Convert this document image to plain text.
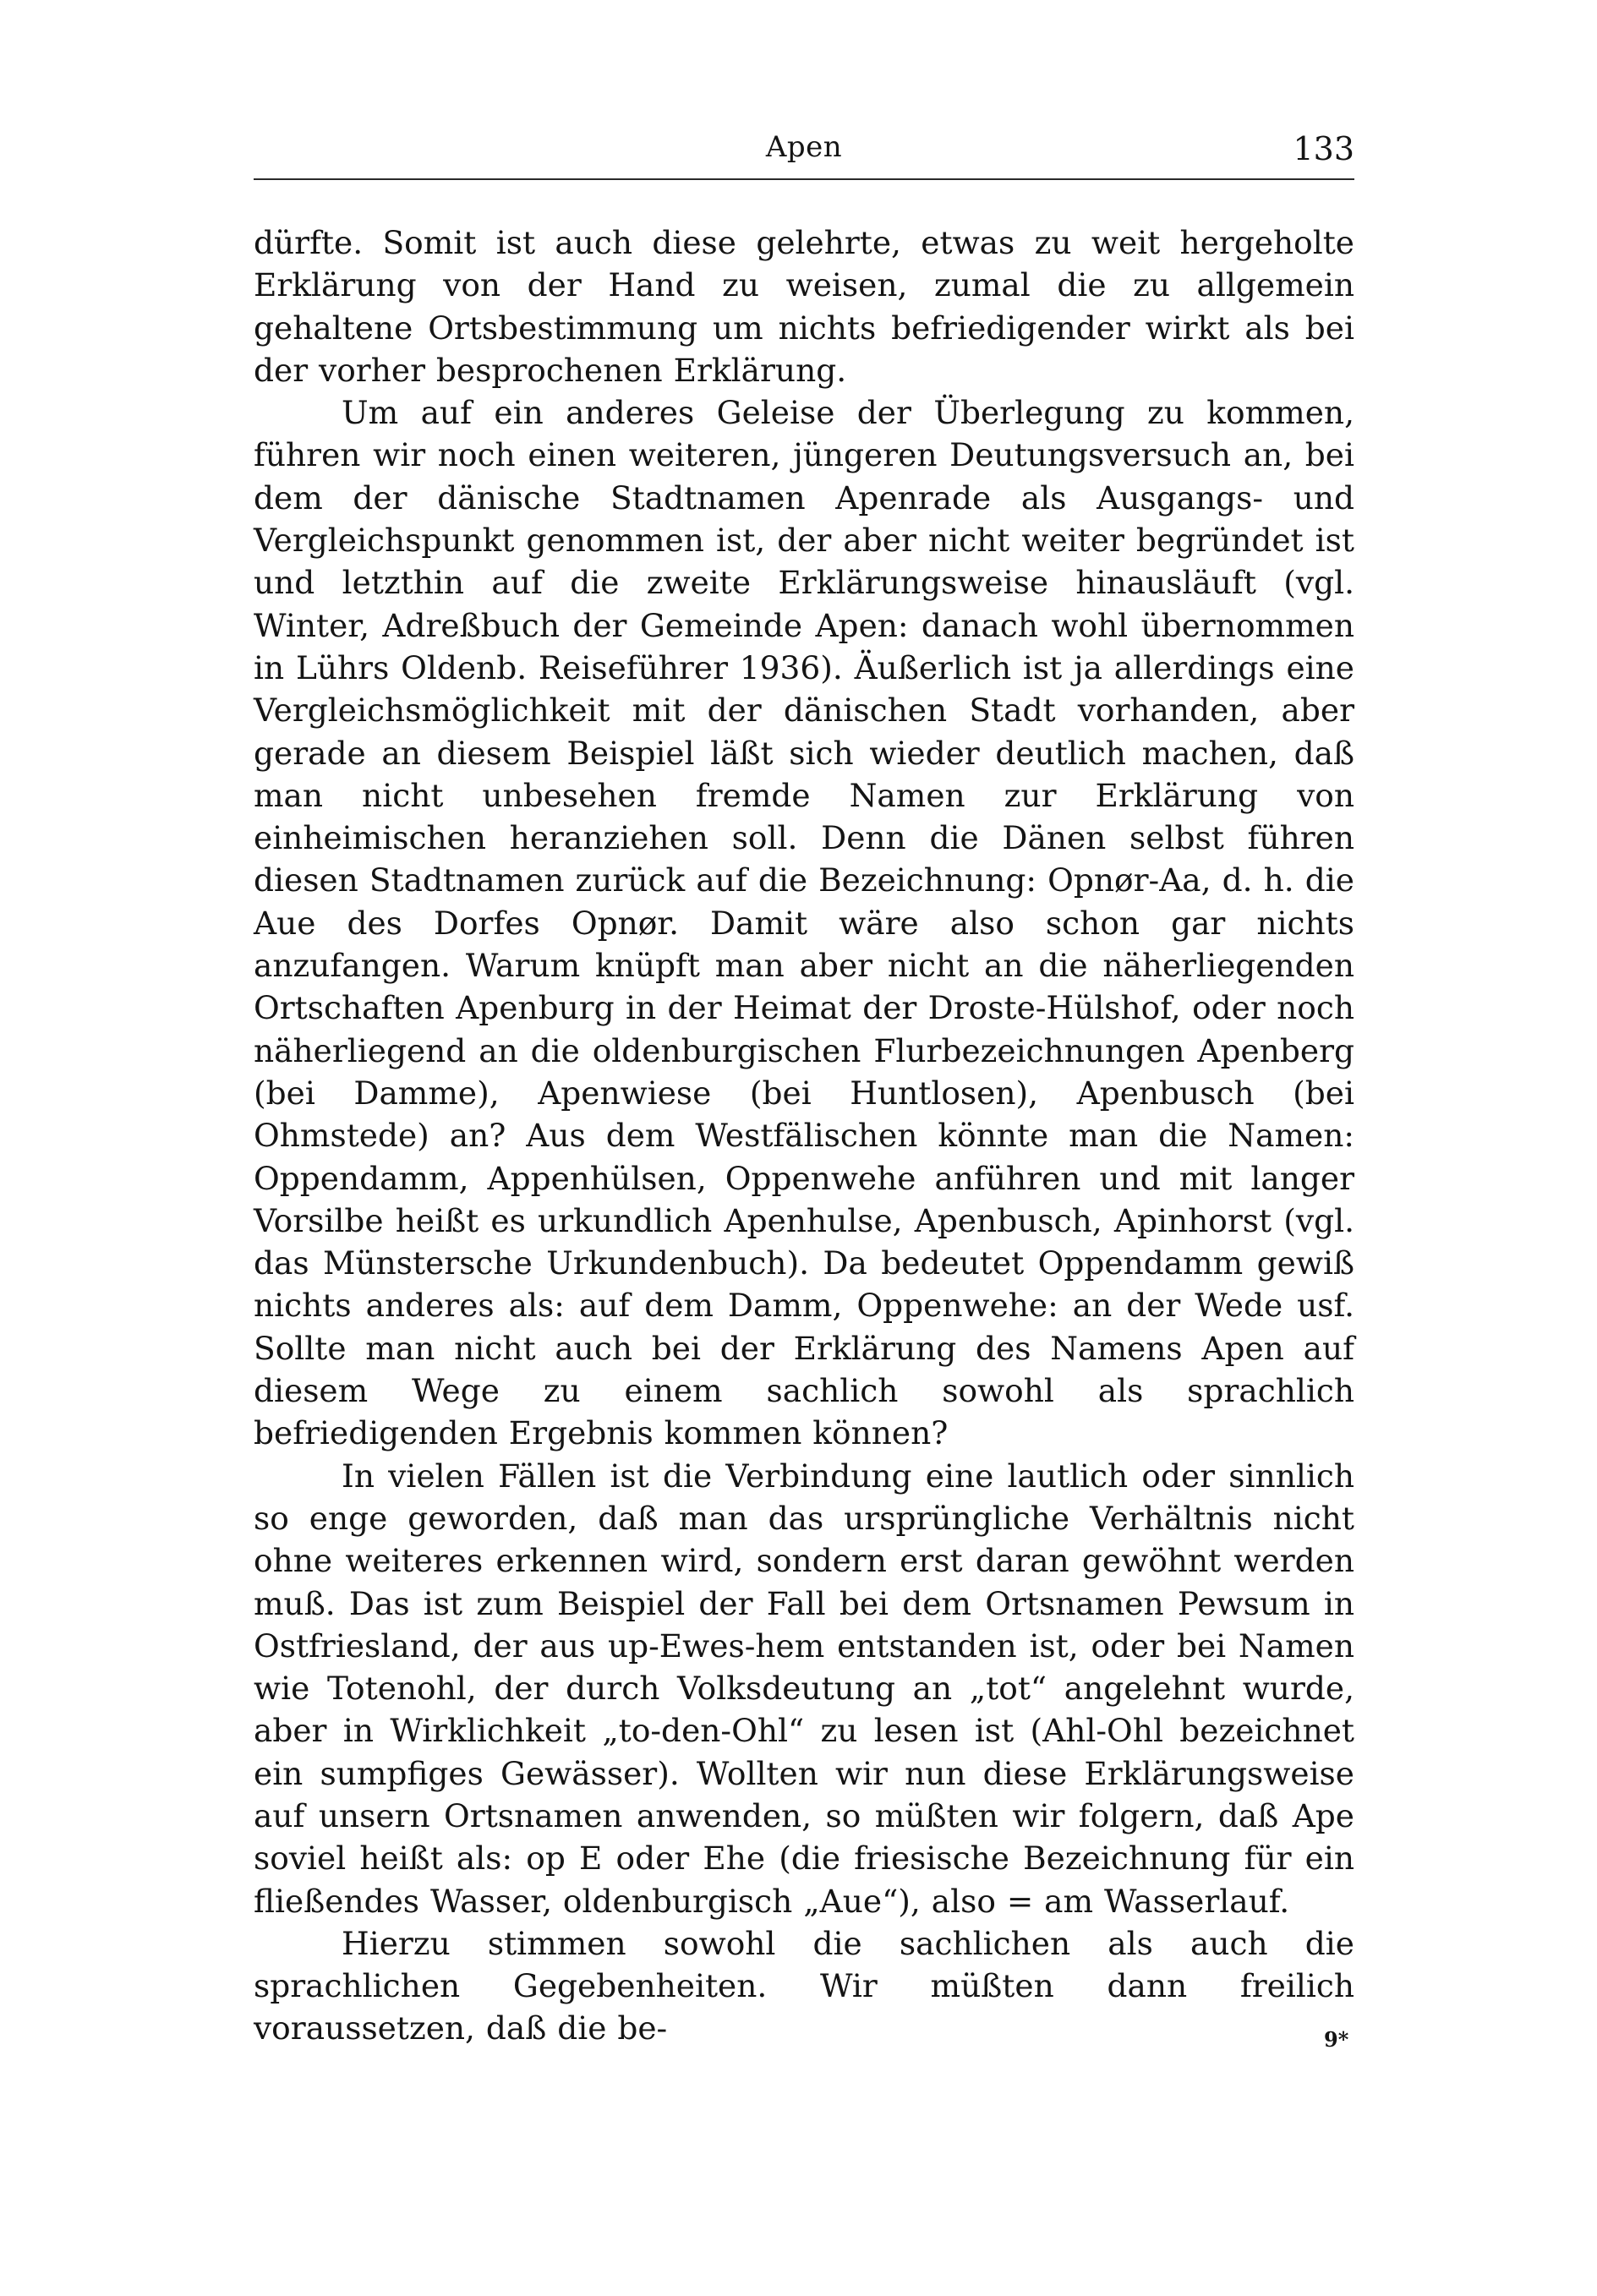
Apen	133

dürfte. Somit ist auch diese gelehrte, etwas zu weit hergeholte Erklärung von der Hand zu weisen, zumal die zu allgemein gehaltene Ortsbestimmung um nichts befriedigender wirkt als bei der vorher besprochenen Erklärung.

Um auf ein anderes Geleise der Überlegung zu kommen, führen wir noch einen weiteren, jüngeren Deutungsversuch an, bei dem der dänische Stadtnamen Apenrade als Ausgangs- und Vergleichspunkt genommen ist, der aber nicht weiter begründet ist und letzthin auf die zweite Erklärungsweise hinausläuft (vgl. Winter, Adreßbuch der Gemeinde Apen: danach wohl übernommen in Lührs Oldenb. Reiseführer 1936). Äußerlich ist ja allerdings eine Vergleichsmöglichkeit mit der dänischen Stadt vorhanden, aber gerade an diesem Beispiel läßt sich wieder deutlich machen, daß man nicht unbesehen fremde Namen zur Erklärung von einheimischen heranziehen soll. Denn die Dänen selbst führen diesen Stadtnamen zurück auf die Bezeichnung: Opnør-Aa, d. h. die Aue des Dorfes Opnør. Damit wäre also schon gar nichts anzufangen. Warum knüpft man aber nicht an die näherliegenden Ortschaften Apenburg in der Heimat der Droste-Hülshof, oder noch näherliegend an die oldenburgischen Flurbezeichnungen Apenberg (bei Damme), Apenwiese (bei Huntlosen), Apenbusch (bei Ohmstede) an? Aus dem Westfälischen könnte man die Namen: Oppendamm, Appenhülsen, Oppenwehe anführen und mit langer Vorsilbe heißt es urkundlich Apenhulse, Apenbusch, Apinhorst (vgl. das Münstersche Urkundenbuch). Da bedeutet Oppendamm gewiß nichts anderes als: auf dem Damm, Oppenwehe: an der Wede usf. Sollte man nicht auch bei der Erklärung des Namens Apen auf diesem Wege zu einem sachlich sowohl als sprachlich befriedigenden Ergebnis kommen können?

In vielen Fällen ist die Verbindung eine lautlich oder sinnlich so enge geworden, daß man das ursprüngliche Verhältnis nicht ohne weiteres erkennen wird, sondern erst daran gewöhnt werden muß. Das ist zum Beispiel der Fall bei dem Ortsnamen Pewsum in Ostfriesland, der aus up-Ewes-hem entstanden ist, oder bei Namen wie Totenohl, der durch Volksdeutung an „tot“ angelehnt wurde, aber in Wirklichkeit „to-den-Ohl“ zu lesen ist (Ahl-Ohl bezeichnet ein sumpfiges Gewässer). Wollten wir nun diese Erklärungsweise auf unsern Ortsnamen anwenden, so müßten wir folgern, daß Ape soviel heißt als: op E oder Ehe (die friesische Bezeichnung für ein fließendes Wasser, oldenburgisch „Aue“), also = am Wasserlauf.

Hierzu stimmen sowohl die sachlichen als auch die sprachlichen Gegebenheiten. Wir müßten dann freilich voraussetzen, daß die be-	9*
